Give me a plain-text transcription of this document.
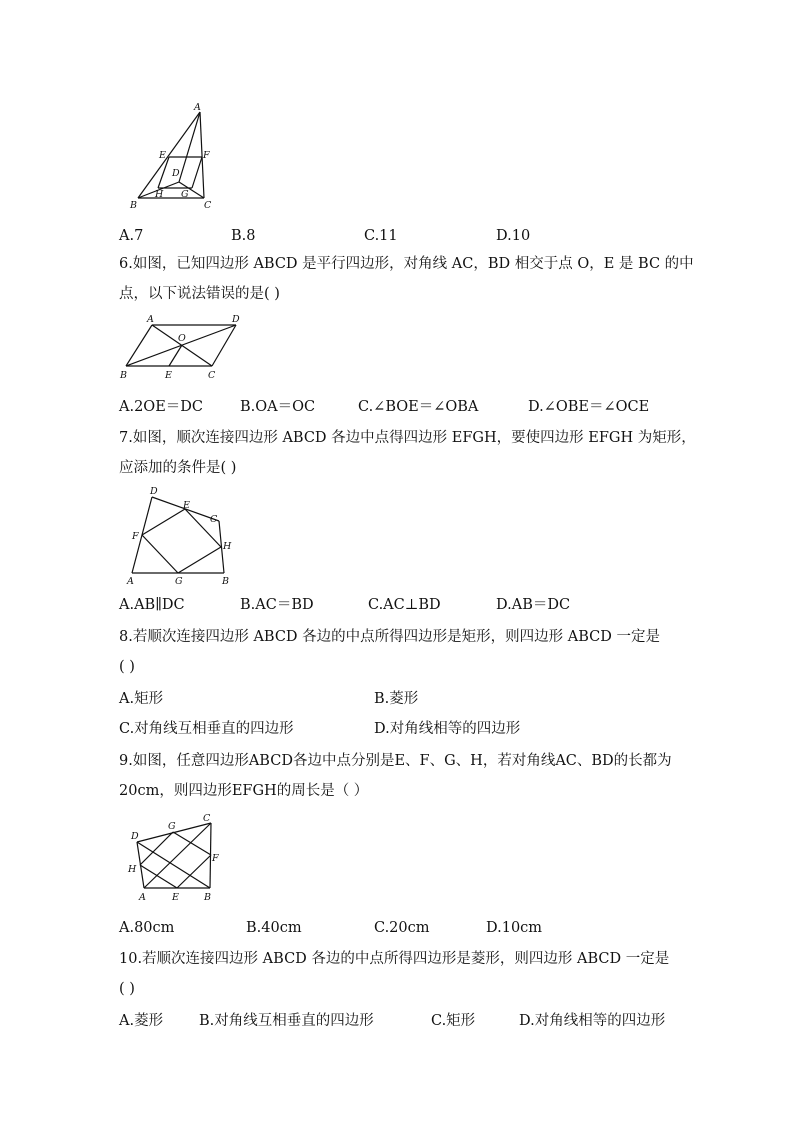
A
E	F
D
H G
B	C
A.7	B.8	C.11	D.10
6.如图，已知四边形 ABCD 是平行四边形，对角线 AC，BD 相交于点 O，E 是 BC 的中
点，以下说法错误的是( )
A	D
O
B	E	C
A.2OE＝DC	B.OA＝OC	C.∠BOE＝∠OBA	D.∠OBE＝∠OCE
7.如图，顺次连接四边形 ABCD 各边中点得四边形 EFGH，要使四边形 EFGH 为矩形，
应添加的条件是( )
D
E
C
F
H
A	G	B
A.AB∥DC	B.AC＝BD	C.AC⊥BD	D.AB＝DC
8.若顺次连接四边形 ABCD 各边的中点所得四边形是矩形，则四边形 ABCD 一定是
( )
A.矩形	B.菱形
C.对角线互相垂直的四边形	D.对角线相等的四边形
9.如图，任意四边形ABCD各边中点分别是E、F、G、H，若对角线AC、BD的长都为
20cm，则四边形EFGH的周长是（ ）
D
G
C
H
F
A	E	B
A.80cm	B.40cm	C.20cm	D.10cm
10.若顺次连接四边形 ABCD 各边的中点所得四边形是菱形，则四边形 ABCD 一定是
( )
A.菱形 B.对角线互相垂直的四边形	C.矩形	D.对角线相等的四边形
